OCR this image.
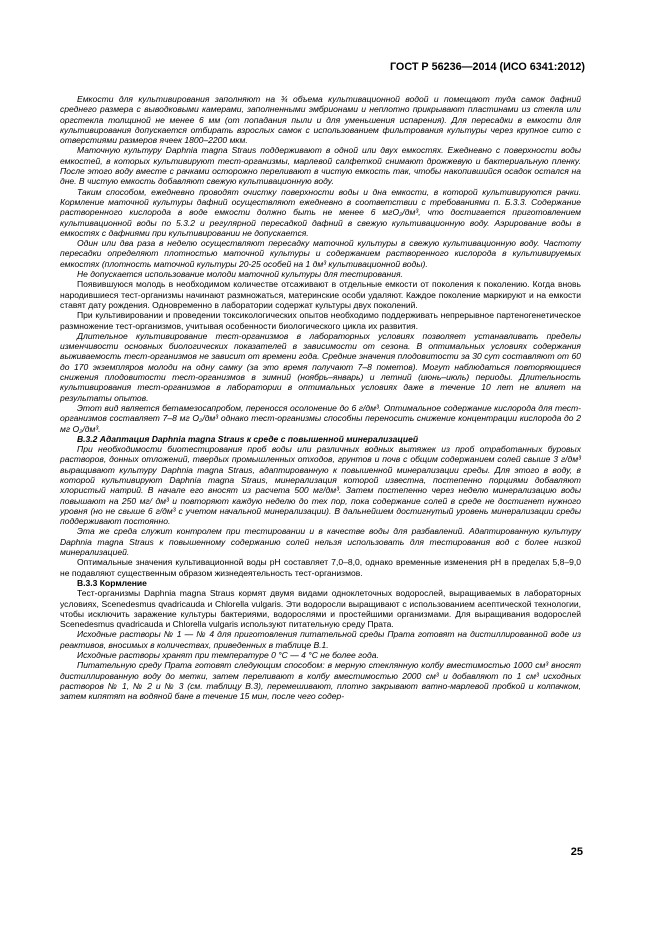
ГОСТ Р 56236—2014 (ИСО 6341:2012)

Емкости для культивирования заполняют на ¾ объема культивационной водой и помещают туда самок дафний среднего размера с выводковыми камерами, заполненными эмбрионами и неплотно прикрывают пластинами из стекла или оргстекла толщиной не менее 6 мм (от попадания пыли и для уменьшения испарения). Для пересадки в емкости для культивирования допускается отбирать взрослых самок с использованием фильтрования культуры через крупное сито с отверстиями размеров ячеек 1800–2200 мкм.

Маточную культуру Daphnia magna Straus поддерживают в одной или двух емкостях. Ежедневно с поверхности воды емкостей, в которых культивируют тест-организмы, марлевой салфеткой снимают дрожжевую и бактериальную пленку. После этого воду вместе с рачками осторожно переливают в чистую емкость так, чтобы накопившийся осадок остался на дне. В чистую емкость добавляют свежую культивационную воду.

Таким способом, ежедневно проводят очистку поверхности воды и дна емкости, в которой культивируются рачки. Кормление маточной культуры дафний осуществляют ежедневно в соответствии с требованиями п. Б.3.3. Содержание растворенного кислорода в воде емкости должно быть не менее 6 мгO₂/дм³, что достигается приготовлением культивационной воды по 5.3.2 и регулярной пересадкой дафний в свежую культивационную воду. Аэрирование воды в емкостях с дафниями при культивировании не допускается.

Один или два раза в неделю осуществляют пересадку маточной культуры в свежую культивационную воду. Частоту пересадки определяют плотностью маточной культуры и содержанием растворенного кислорода в культивируемых емкостях (плотность маточной культуры 20-25 особей на 1 дм³ культивационной воды).

Не допускается использование молоди маточной культуры для тестирования.

Появившуюся молодь в необходимом количестве отсаживают в отдельные емкости от поколения к поколению. Когда вновь народившиеся тест-организмы начинают размножаться, материнские особи удаляют. Каждое поколение маркируют и на емкости ставят дату рождения. Одновременно в лаборатории содержат культуры двух поколений.

При культивировании и проведении токсикологических опытов необходимо поддерживать непрерывное партеногенетическое размножение тест-организмов, учитывая особенности биологического цикла их развития.

Длительное культивирование тест-организмов в лабораторных условиях позволяет устанавливать пределы изменчивости основных биологических показателей в зависимости от сезона. В оптимальных условиях содержания выживаемость тест-организмов не зависит от времени года. Средние значения плодовитости за 30 сут составляют от 60 до 170 экземпляров молоди на одну самку (за это время получают 7–8 пометов). Могут наблюдаться повторяющиеся снижения плодовитости тест-организмов в зимний (ноябрь–январь) и летний (июнь–июль) периоды. Длительность культивирования тест-организмов в лаборатории в оптимальных условиях даже в течение 10 лет не влияет на результаты опытов.

Этот вид является бетамезосапробом, переносся осолонение до 6 г/дм³. Оптимальное содержание кислорода для тест-организмов составляет 7–8 мг O₂/дм³ однако тест-организмы способны переносить снижение концентрации кислорода до 2 мг O₂/дм³.

В.3.2 Адаптация Daphnia magna Straus к среде с повышенной минерализацией

При необходимости биотестирования проб воды или различных водных вытяжек из проб отработанных буровых растворов, донных отложений, твердых промышленных отходов, грунтов и почв с общим содержанием солей свыше 3 г/дм³ выращивают культуру Daphnia magna Straus, адаптированную к повышенной минерализации среды. Для этого в воду, в которой культивируют Daphnia magna Straus, минерализация которой известна, постепенно порциями добавляют хлористый натрий. В начале его вносят из расчета 500 мг/дм³. Затем постепенно через неделю минерализацию воды повышают на 250 мг/ дм³ и повторяют каждую неделю до тех пор, пока содержание солей в среде не достигнет нужного уровня (но не свыше 6 г/дм³ с учетом начальной минерализации). В дальнейшем достигнутый уровень минерализации среды поддерживают постоянно.

Эта же среда служит контролем при тестировании и в качестве воды для разбавлений. Адаптированную культуру Daphnia magna Straus к повышенному содержанию солей нельзя использовать для тестирования вод с более низкой минерализацией.

Оптимальные значения культивационной воды рН составляет 7,0–8,0, однако временные изменения рН в пределах 5,8–9,0 не подавляют существенным образом жизнедеятельность тест-организмов.

В.3.3 Кормление

Тест-организмы Daphnia magna Straus кормят двумя видами одноклеточных водорослей, выращиваемых в лабораторных условиях, Scenedesmus qvadricauda и Chlorella vulgaris. Эти водоросли выращивают с использованием асептической технологии, чтобы исключить заражение культуры бактериями, водорослями и простейшими организмами. Для выращивания водорослей Scenedesmus qvadricauda и Chlorella vulgaris используют питательную среду Прата.

Исходные растворы № 1 — № 4 для приготовления питательной среды Прата готовят на дистиллированной воде из реактивов, вносимых в количествах, приведенных в таблице В.1.

Исходные растворы хранят при температуре 0 °С — 4 °С не более года.

Питательную среду Прата готовят следующим способом: в мерную стеклянную колбу вместимостью 1000 см³ вносят дистиллированную воду до метки, затем переливают в колбу вместимостью 2000 см³ и добавляют по 1 см³ исходных растворов № 1, № 2 и № 3 (см. таблицу В.3), перемешивают, плотно закрывают ватно-марлевой пробкой и колпачком, затем кипятят на водяной бане в течение 15 мин, после чего содер-

25
